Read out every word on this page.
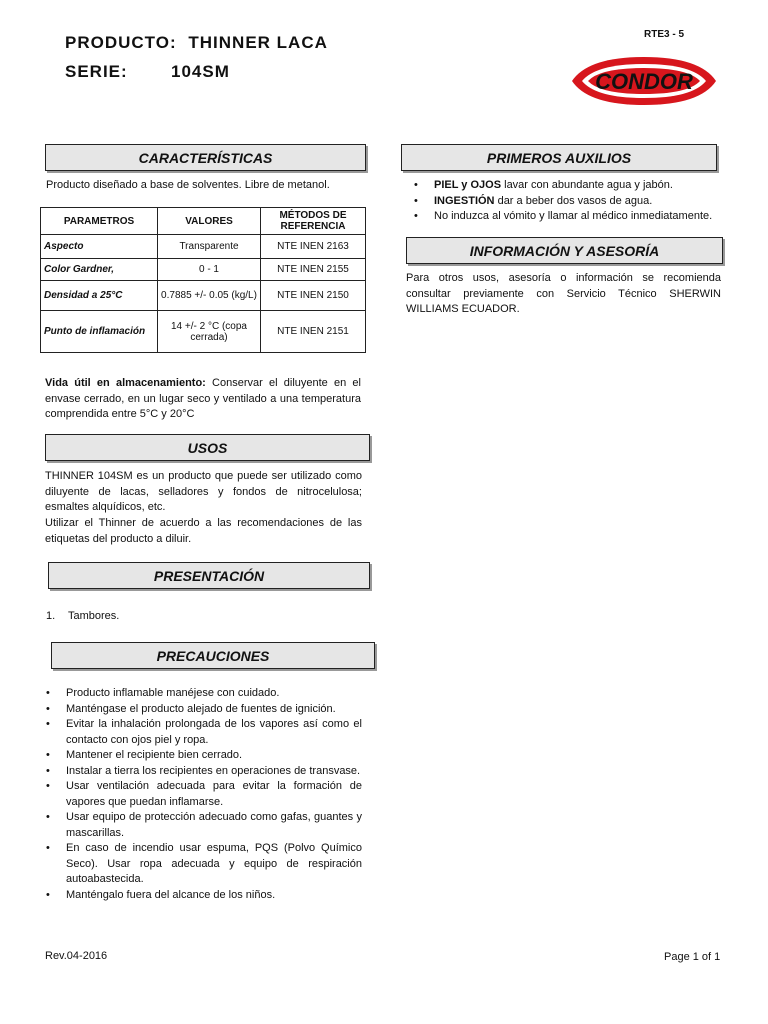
PRODUCTO: THINNER LACA
SERIE:	104SM
RTE3 - 5
CONDOR
CARACTERÍSTICAS
Producto diseñado a base de solventes. Libre de metanol.
PARAMETROS	VALORES	MÉTODOS DE REFERENCIA
Aspecto	Transparente	NTE INEN 2163
Color Gardner,	0 - 1	NTE INEN 2155
Densidad a 25°C	0.7885 +/- 0.05 (kg/L)	NTE INEN 2150
Punto de inflamación	14 +/- 2 °C (copa cerrada)	NTE INEN 2151
Vida útil en almacenamiento: Conservar el diluyente en el envase cerrado, en un lugar seco y ventilado a una temperatura comprendida entre 5°C y 20°C
USOS
THINNER 104SM es un producto que puede ser utilizado como diluyente de lacas, selladores y fondos de nitrocelulosa; esmaltes alquídicos, etc.
Utilizar el Thinner de acuerdo a las recomendaciones de las etiquetas del producto a diluir.
PRESENTACIÓN
1. Tambores.
PRECAUCIONES
• Producto inflamable manéjese con cuidado.
• Manténgase el producto alejado de fuentes de ignición.
• Evitar la inhalación prolongada de los vapores así como el contacto con ojos piel y ropa.
• Mantener el recipiente bien cerrado.
• Instalar a tierra los recipientes en operaciones de transvase.
• Usar ventilación adecuada para evitar la formación de vapores que puedan inflamarse.
• Usar equipo de protección adecuado como gafas, guantes y mascarillas.
• En caso de incendio usar espuma, PQS (Polvo Químico Seco). Usar ropa adecuada y equipo de respiración autoabastecida.
• Manténgalo fuera del alcance de los niños.
PRIMEROS AUXILIOS
• PIEL y OJOS lavar con abundante agua y jabón.
• INGESTIÓN dar a beber dos vasos de agua.
• No induzca al vómito y llamar al médico inmediatamente.
INFORMACIÓN Y ASESORÍA
Para otros usos, asesoría o información se recomienda consultar previamente con Servicio Técnico SHERWIN WILLIAMS ECUADOR.
Rev.04-2016	Page 1 of 1
